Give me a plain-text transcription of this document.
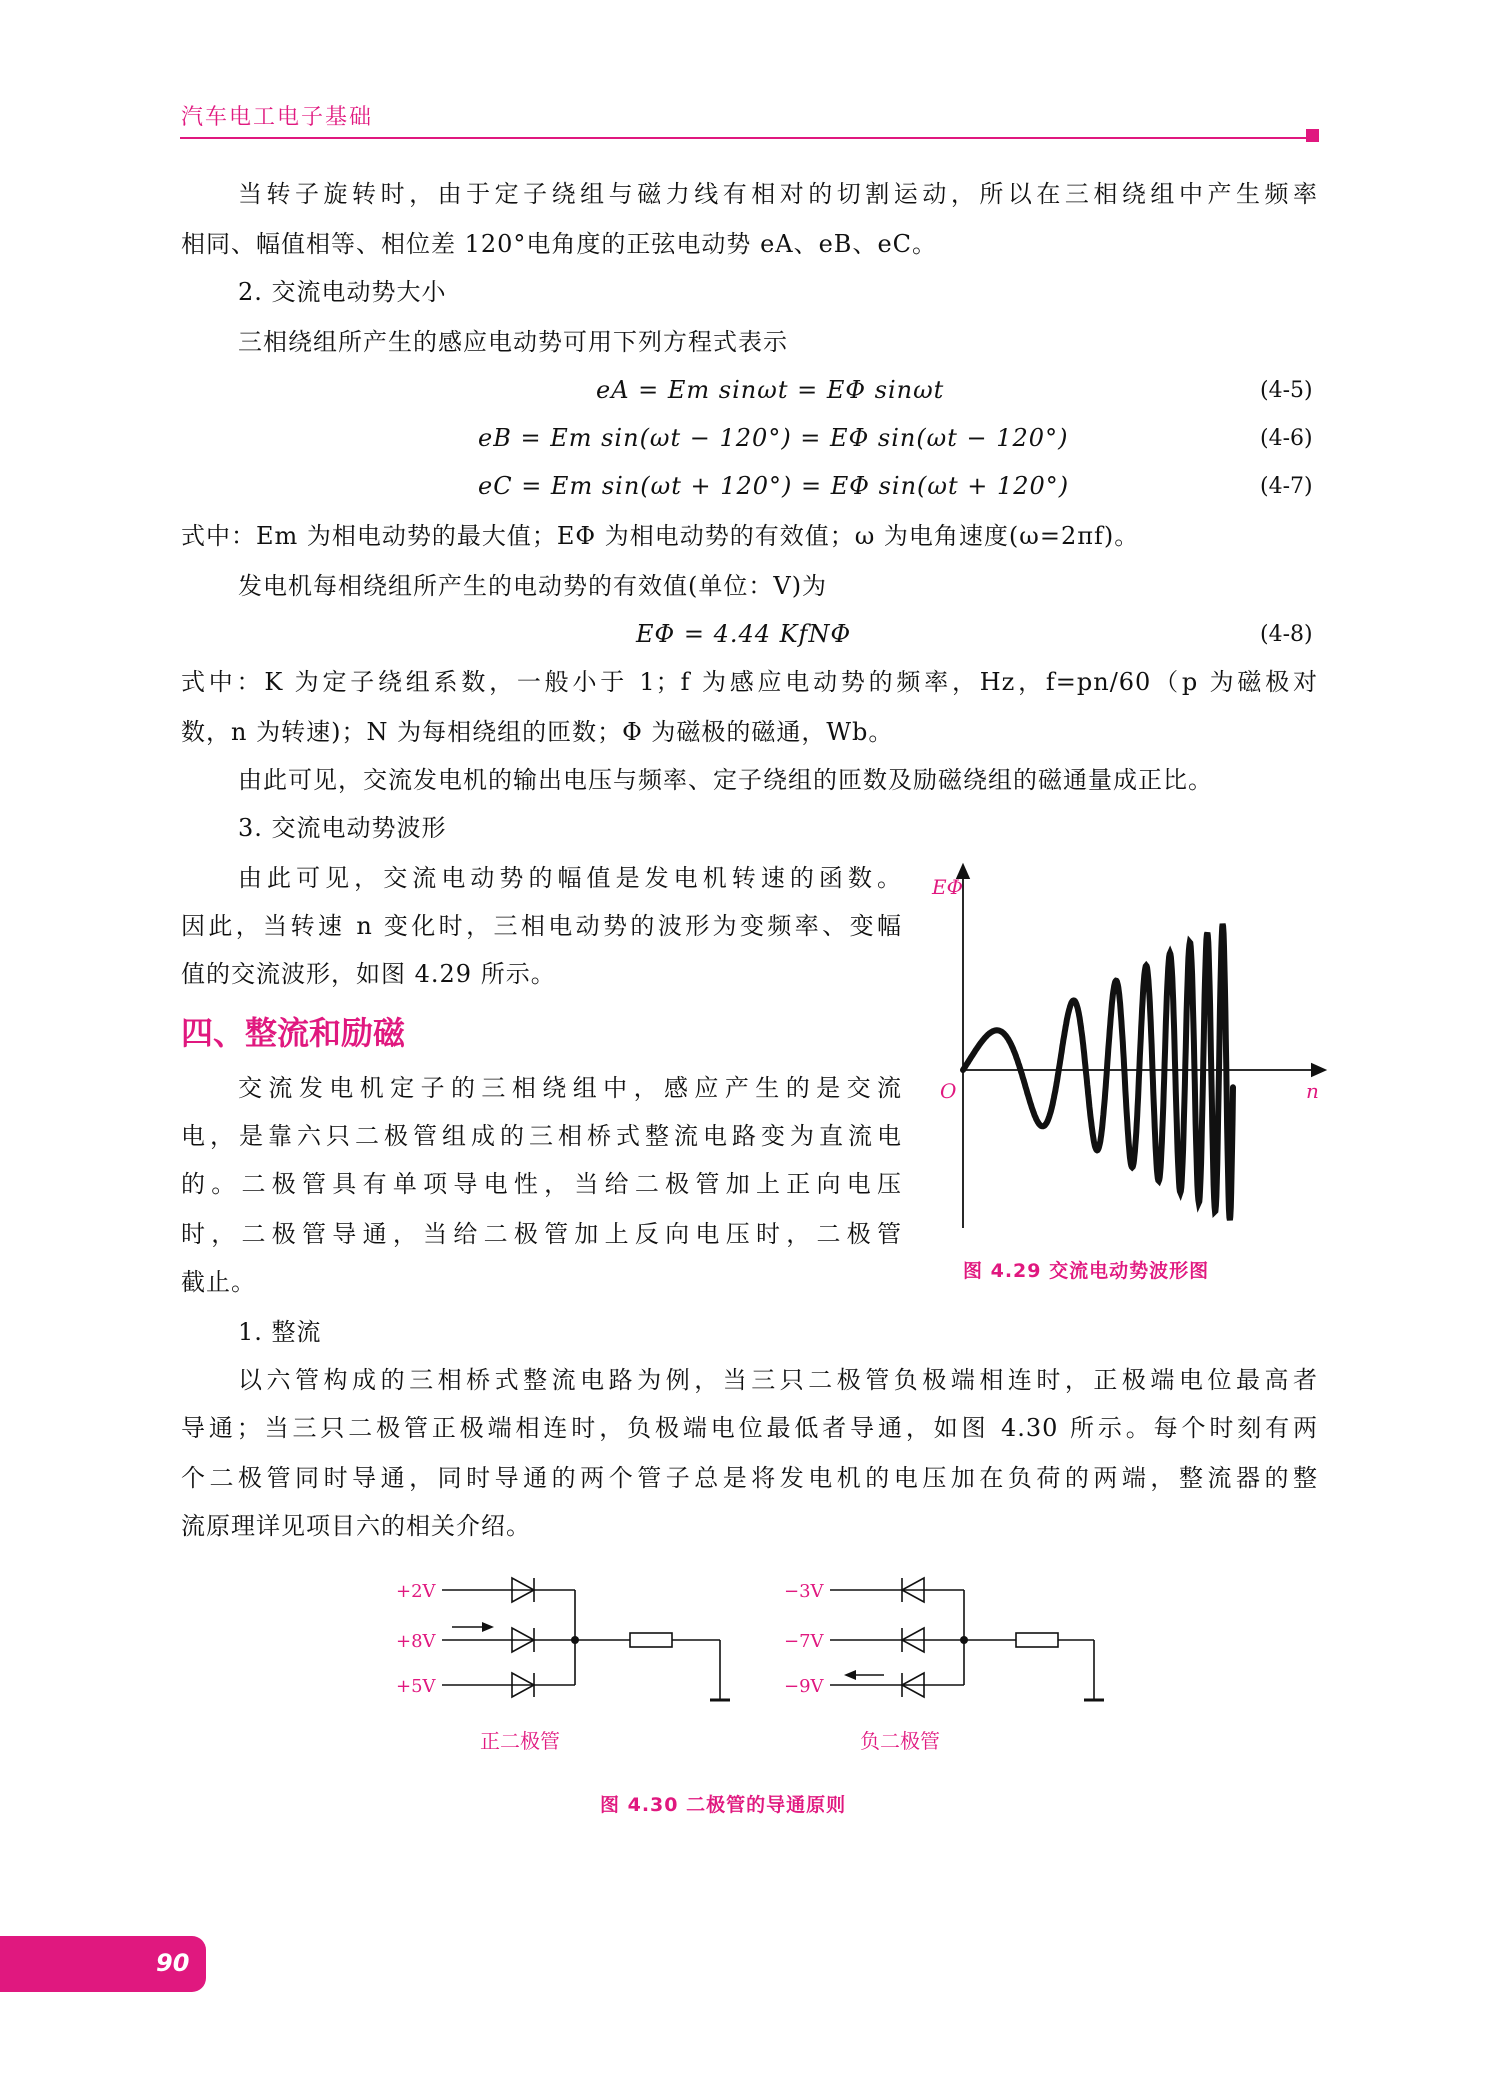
汽车电工电子基础
当转子旋转时，由于定子绕组与磁力线有相对的切割运动，所以在三相绕组中产生频率
相同、幅值相等、相位差 120°电角度的正弦电动势 eA、eB、eC。
2. 交流电动势大小
三相绕组所产生的感应电动势可用下列方程式表示
eA = Em sinωt = EΦ sinωt	(4-5)
eB = Em sin(ωt − 120°) = EΦ sin(ωt − 120°)	(4-6)
eC = Em sin(ωt + 120°) = EΦ sin(ωt + 120°)	(4-7)
式中：Em 为相电动势的最大值；EΦ 为相电动势的有效值；ω 为电角速度(ω=2πf)。
发电机每相绕组所产生的电动势的有效值(单位：V)为
EΦ = 4.44 KfNΦ	(4-8)
式中：K 为定子绕组系数，一般小于 1；f 为感应电动势的频率，Hz，f=pn/60（p 为磁极对
数，n 为转速)；N 为每相绕组的匝数；Φ 为磁极的磁通，Wb。
由此可见，交流发电机的输出电压与频率、定子绕组的匝数及励磁绕组的磁通量成正比。
3. 交流电动势波形
由此可见，交流电动势的幅值是发电机转速的函数。
因此，当转速 n 变化时，三相电动势的波形为变频率、变幅
值的交流波形，如图 4.29 所示。
四、整流和励磁
交流发电机定子的三相绕组中，感应产生的是交流
电，是靠六只二极管组成的三相桥式整流电路变为直流电
的。二极管具有单项导电性，当给二极管加上正向电压
时，二极管导通，当给二极管加上反向电压时，二极管
截止。
1. 整流
以六管构成的三相桥式整流电路为例，当三只二极管负极端相连时，正极端电位最高者
导通；当三只二极管正极端相连时，负极端电位最低者导通，如图 4.30 所示。每个时刻有两
个二极管同时导通，同时导通的两个管子总是将发电机的电压加在负荷的两端，整流器的整
流原理详见项目六的相关介绍。
EΦ
O	n
图 4.29 交流电动势波形图
+2V
+8V
+5V
正二极管
−3V
−7V
−9V
负二极管
图 4.30 二极管的导通原则
90
